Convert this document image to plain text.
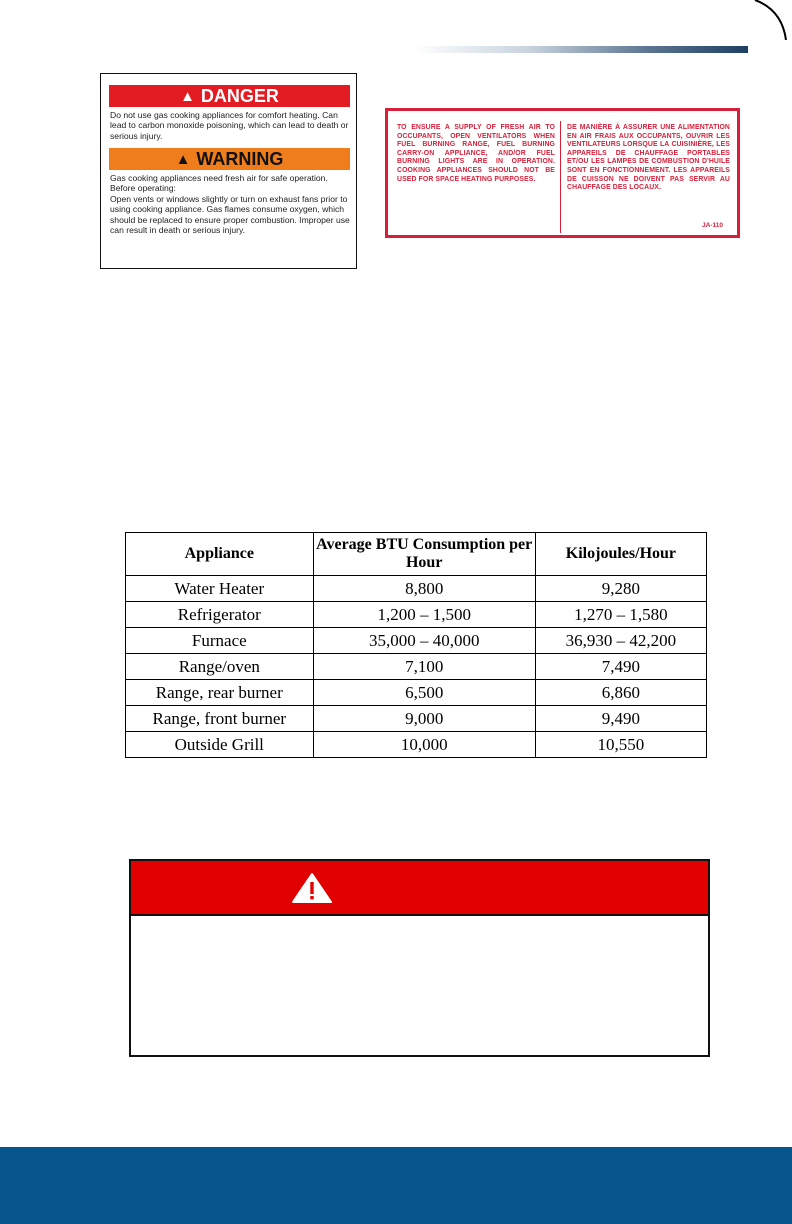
▲ DANGER
Do not use gas cooking appliances for comfort heating. Can lead to carbon monoxide poisoning, which can lead to death or serious injury.
▲ WARNING
Gas cooking appliances need fresh air for safe operation. Before operating:
Open vents or windows slightly or turn on exhaust fans prior to using cooking appliance. Gas flames consume oxygen, which should be replaced to ensure proper combustion. Improper use can result in death or serious injury.
TO ENSURE A SUPPLY OF FRESH AIR TO OCCUPANTS, OPEN VENTILATORS WHEN FUEL BURNING RANGE, FUEL BURNING CARRY-ON APPLIANCE, AND/OR FUEL BURNING LIGHTS ARE IN OPERATION. COOKING APPLIANCES SHOULD NOT BE USED FOR SPACE HEATING PURPOSES.
DE MANIÈRE À ASSURER UNE ALIMENTATION EN AIR FRAIS AUX OCCUPANTS, OUVRIR LES VENTILATEURS LORSQUE LA CUISINIÈRE, LES APPAREILS DE CHAUFFAGE PORTABLES ET/OU LES LAMPES DE COMBUSTION D'HUILE SONT EN FONCTIONNEMENT. LES APPAREILS DE CUISSON NE DOIVENT PAS SERVIR AU CHAUFFAGE DES LOCAUX.
JA-110
Appliance	Average BTU Consumption per Hour	Kilojoules/Hour
Water Heater	8,800	9,280
Refrigerator	1,200 – 1,500	1,270 – 1,580
Furnace	35,000 – 40,000	36,930 – 42,200
Range/oven	7,100	7,490
Range, rear burner	6,500	6,860
Range, front burner	9,000	9,490
Outside Grill	10,000	10,550
